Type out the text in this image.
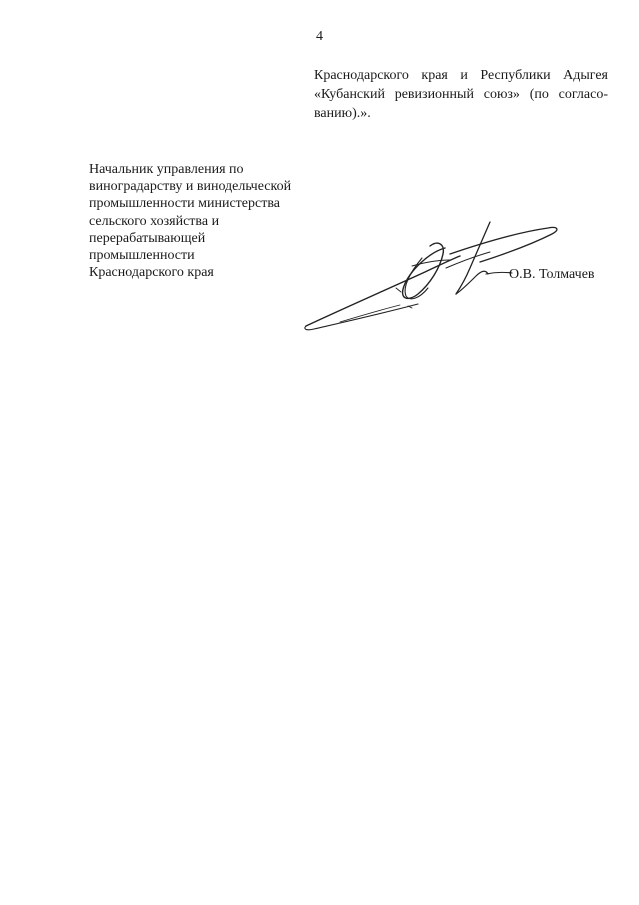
4
Краснодарского края и Республики Адыгея
«Кубанский ревизионный союз» (по согласо-
ванию).».
Начальник управления по
виноградарству и винодельческой
промышленности министерства
сельского хозяйства и
перерабатывающей
промышленности
Краснодарского края	О.В. Толмачев
